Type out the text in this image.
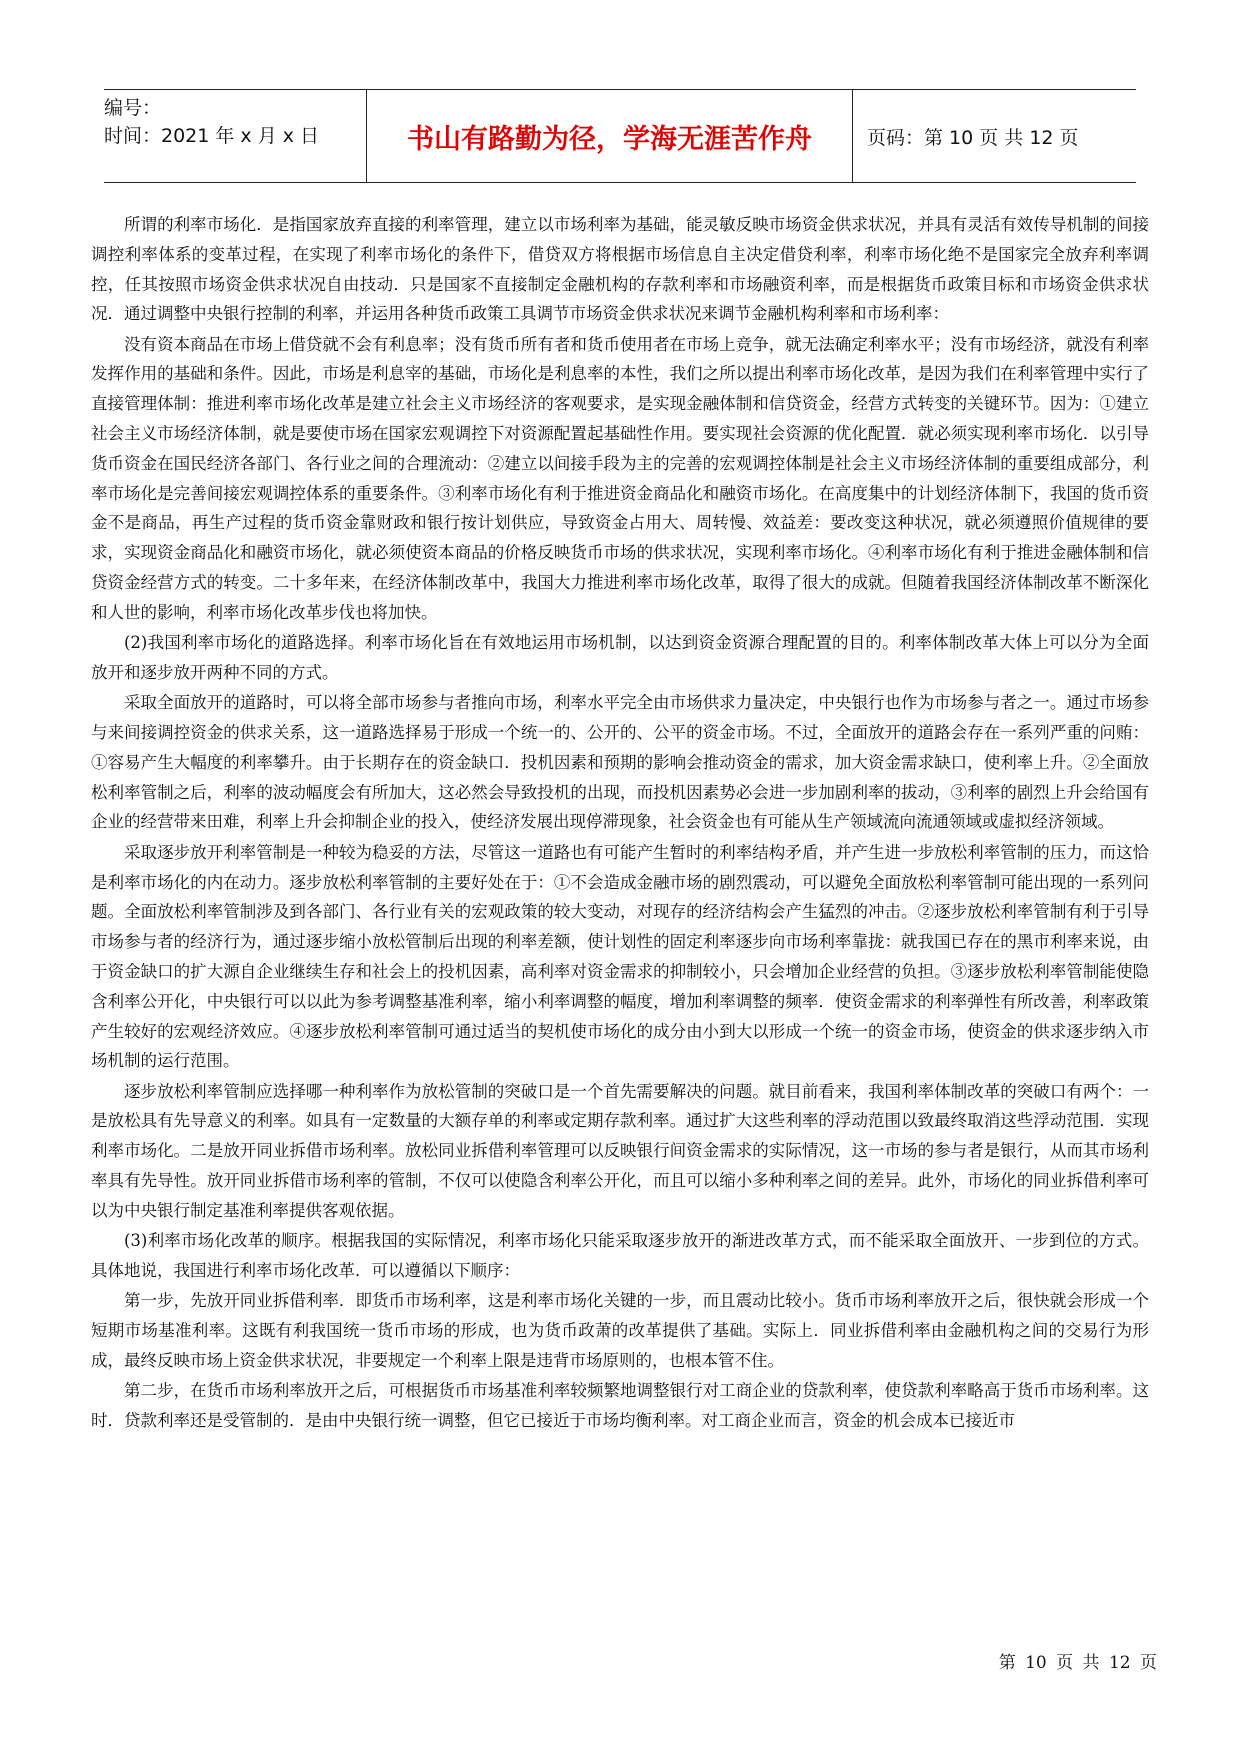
编号：
时间：2021 年 x 月 x 日	书山有路勤为径，学海无涯苦作舟	页码：第 10 页 共 12 页

所谓的利率市场化．是指国家放弃直接的利率管理，建立以市场利率为基础，能灵敏反映市场资金供求状况，并具有灵活有效传导机制的间接调控利率体系的变革过程，在实现了利率市场化的条件下，借贷双方将根据市场信息自主决定借贷利率，利率市场化绝不是国家完全放弃利率调控，任其按照市场资金供求状况自由技动．只是国家不直接制定金融机构的存款利率和市场融资利率，而是根据货币政策目标和市场资金供求状况．通过调整中央银行控制的利率，并运用各种货币政策工具调节市场资金供求状况来调节金融机构利率和市场利率：

没有资本商品在市场上借贷就不会有利息率；没有货币所有者和货币使用者在市场上竞争，就无法确定利率水平；没有市场经济，就没有利率发挥作用的基础和条件。因此，市场是利息宰的基础，市场化是利息率的本性，我们之所以提出利率市场化改革，是因为我们在利率管理中实行了直接管理体制：推进利率市场化改革是建立社会主义市场经济的客观要求，是实现金融体制和信贷资金，经营方式转变的关键环节。因为：①建立社会主义市场经济体制，就是要使市场在国家宏观调控下对资源配置起基础性作用。要实现社会资源的优化配置．就必须实现利率市场化．以引导货币资金在国民经济各部门、各行业之间的合理流动：②建立以间接手段为主的完善的宏观调控体制是社会主义市场经济体制的重要组成部分，利率市场化是完善间接宏观调控体系的重要条件。③利率市场化有利于推进资金商品化和融资市场化。在高度集中的计划经济体制下，我国的货币资金不是商品，再生产过程的货币资金靠财政和银行按计划供应，导致资金占用大、周转慢、效益差：要改变这种状况，就必须遵照价值规律的要求，实现资金商品化和融资市场化，就必须使资本商品的价格反映货币市场的供求状况，实现利率市场化。④利率市场化有利于推进金融体制和信贷资金经营方式的转变。二十多年来，在经济体制改革中，我国大力推进利率市场化改革，取得了很大的成就。但随着我国经济体制改革不断深化和人世的影响，利率市场化改革步伐也将加快。

(2)我国利率市场化的道路选择。利率市场化旨在有效地运用市场机制，以达到资金资源合理配置的目的。利率体制改革大体上可以分为全面放开和逐步放开两种不同的方式。

采取全面放开的道路时，可以将全部市场参与者推向市场，利率水平完全由市场供求力量决定，中央银行也作为市场参与者之一。通过市场参与来间接调控资金的供求关系，这一道路选择易于形成一个统一的、公开的、公平的资金市场。不过，全面放开的道路会存在一系列严重的问贿：①容易产生大幅度的利率攀升。由于长期存在的资金缺口．投机因素和预期的影响会推动资金的需求，加大资金需求缺口，使利率上升。②全面放松利率管制之后，利率的波动幅度会有所加大，这必然会导致投机的出现，而投机因素势必会进一步加剧利率的拔动，③利率的剧烈上升会给国有企业的经营带来田难，利率上升会抑制企业的投入，使经济发展出现停滞现象，社会资金也有可能从生产领域流向流通领域或虚拟经济领域。

采取逐步放开利率管制是一种较为稳妥的方法，尽管这一道路也有可能产生暂时的利率结构矛盾，并产生进一步放松利率管制的压力，而这恰是利率市场化的内在动力。逐步放松利率管制的主要好处在于：①不会造成金融市场的剧烈震动，可以避免全面放松利率管制可能出现的一系列问题。全面放松利率管制涉及到各部门、各行业有关的宏观政策的较大变动，对现存的经济结构会产生猛烈的冲击。②逐步放松利率管制有利于引导市场参与者的经济行为，通过逐步缩小放松管制后出现的利率差额，使计划性的固定利率逐步向市场利率靠拢：就我国已存在的黑市利率来说，由于资金缺口的扩大源自企业继续生存和社会上的投机因素，高利率对资金需求的抑制较小，只会增加企业经营的负担。③逐步放松利率管制能使隐含利率公开化，中央银行可以以此为参考调整基准利率，缩小利率调整的幅度，增加利率调整的频率．使资金需求的利率弹性有所改善，利率政策产生较好的宏观经济效应。④逐步放松利率管制可通过适当的契机使市场化的成分由小到大以形成一个统一的资金市场，使资金的供求逐步纳入市场机制的运行范围。

逐步放松利率管制应选择哪一种利率作为放松管制的突破口是一个首先需要解决的问题。就目前看来，我国利率体制改革的突破口有两个：一是放松具有先导意义的利率。如具有一定数量的大额存单的利率或定期存款利率。通过扩大这些利率的浮动范围以致最终取消这些浮动范围．实现利率市场化。二是放开同业拆借市场利率。放松同业拆借利率管理可以反映银行间资金需求的实际情况，这一市场的参与者是银行，从而其市场利率具有先导性。放开同业拆借市场利率的管制，不仅可以使隐含利率公开化，而且可以缩小多种利率之间的差异。此外，市场化的同业拆借利率可以为中央银行制定基准利率提供客观依据。

(3)利率市场化改革的顺序。根据我国的实际情况，利率市场化只能采取逐步放开的渐进改革方式，而不能采取全面放开、一步到位的方式。具体地说，我国进行利率市场化改革．可以遵循以下顺序：

第一步，先放开同业拆借利率．即货币市场利率，这是利率市场化关键的一步，而且震动比较小。货币市场利率放开之后，很快就会形成一个短期市场基准利率。这既有利我国统一货币市场的形成，也为货币政萧的改革提供了基础。实际上．同业拆借利率由金融机构之间的交易行为形成，最终反映市场上资金供求状况，非要规定一个利率上限是违背市场原则的，也根本管不住。

第二步，在货币市场利率放开之后，可根据货币市场基准利率较频繁地调整银行对工商企业的贷款利率，使贷款利率略高于货币市场利率。这时．贷款利率还是受管制的．是由中央银行统一调整，但它已接近于市场均衡利率。对工商企业而言，资金的机会成本已接近市

第 10 页 共 12 页
